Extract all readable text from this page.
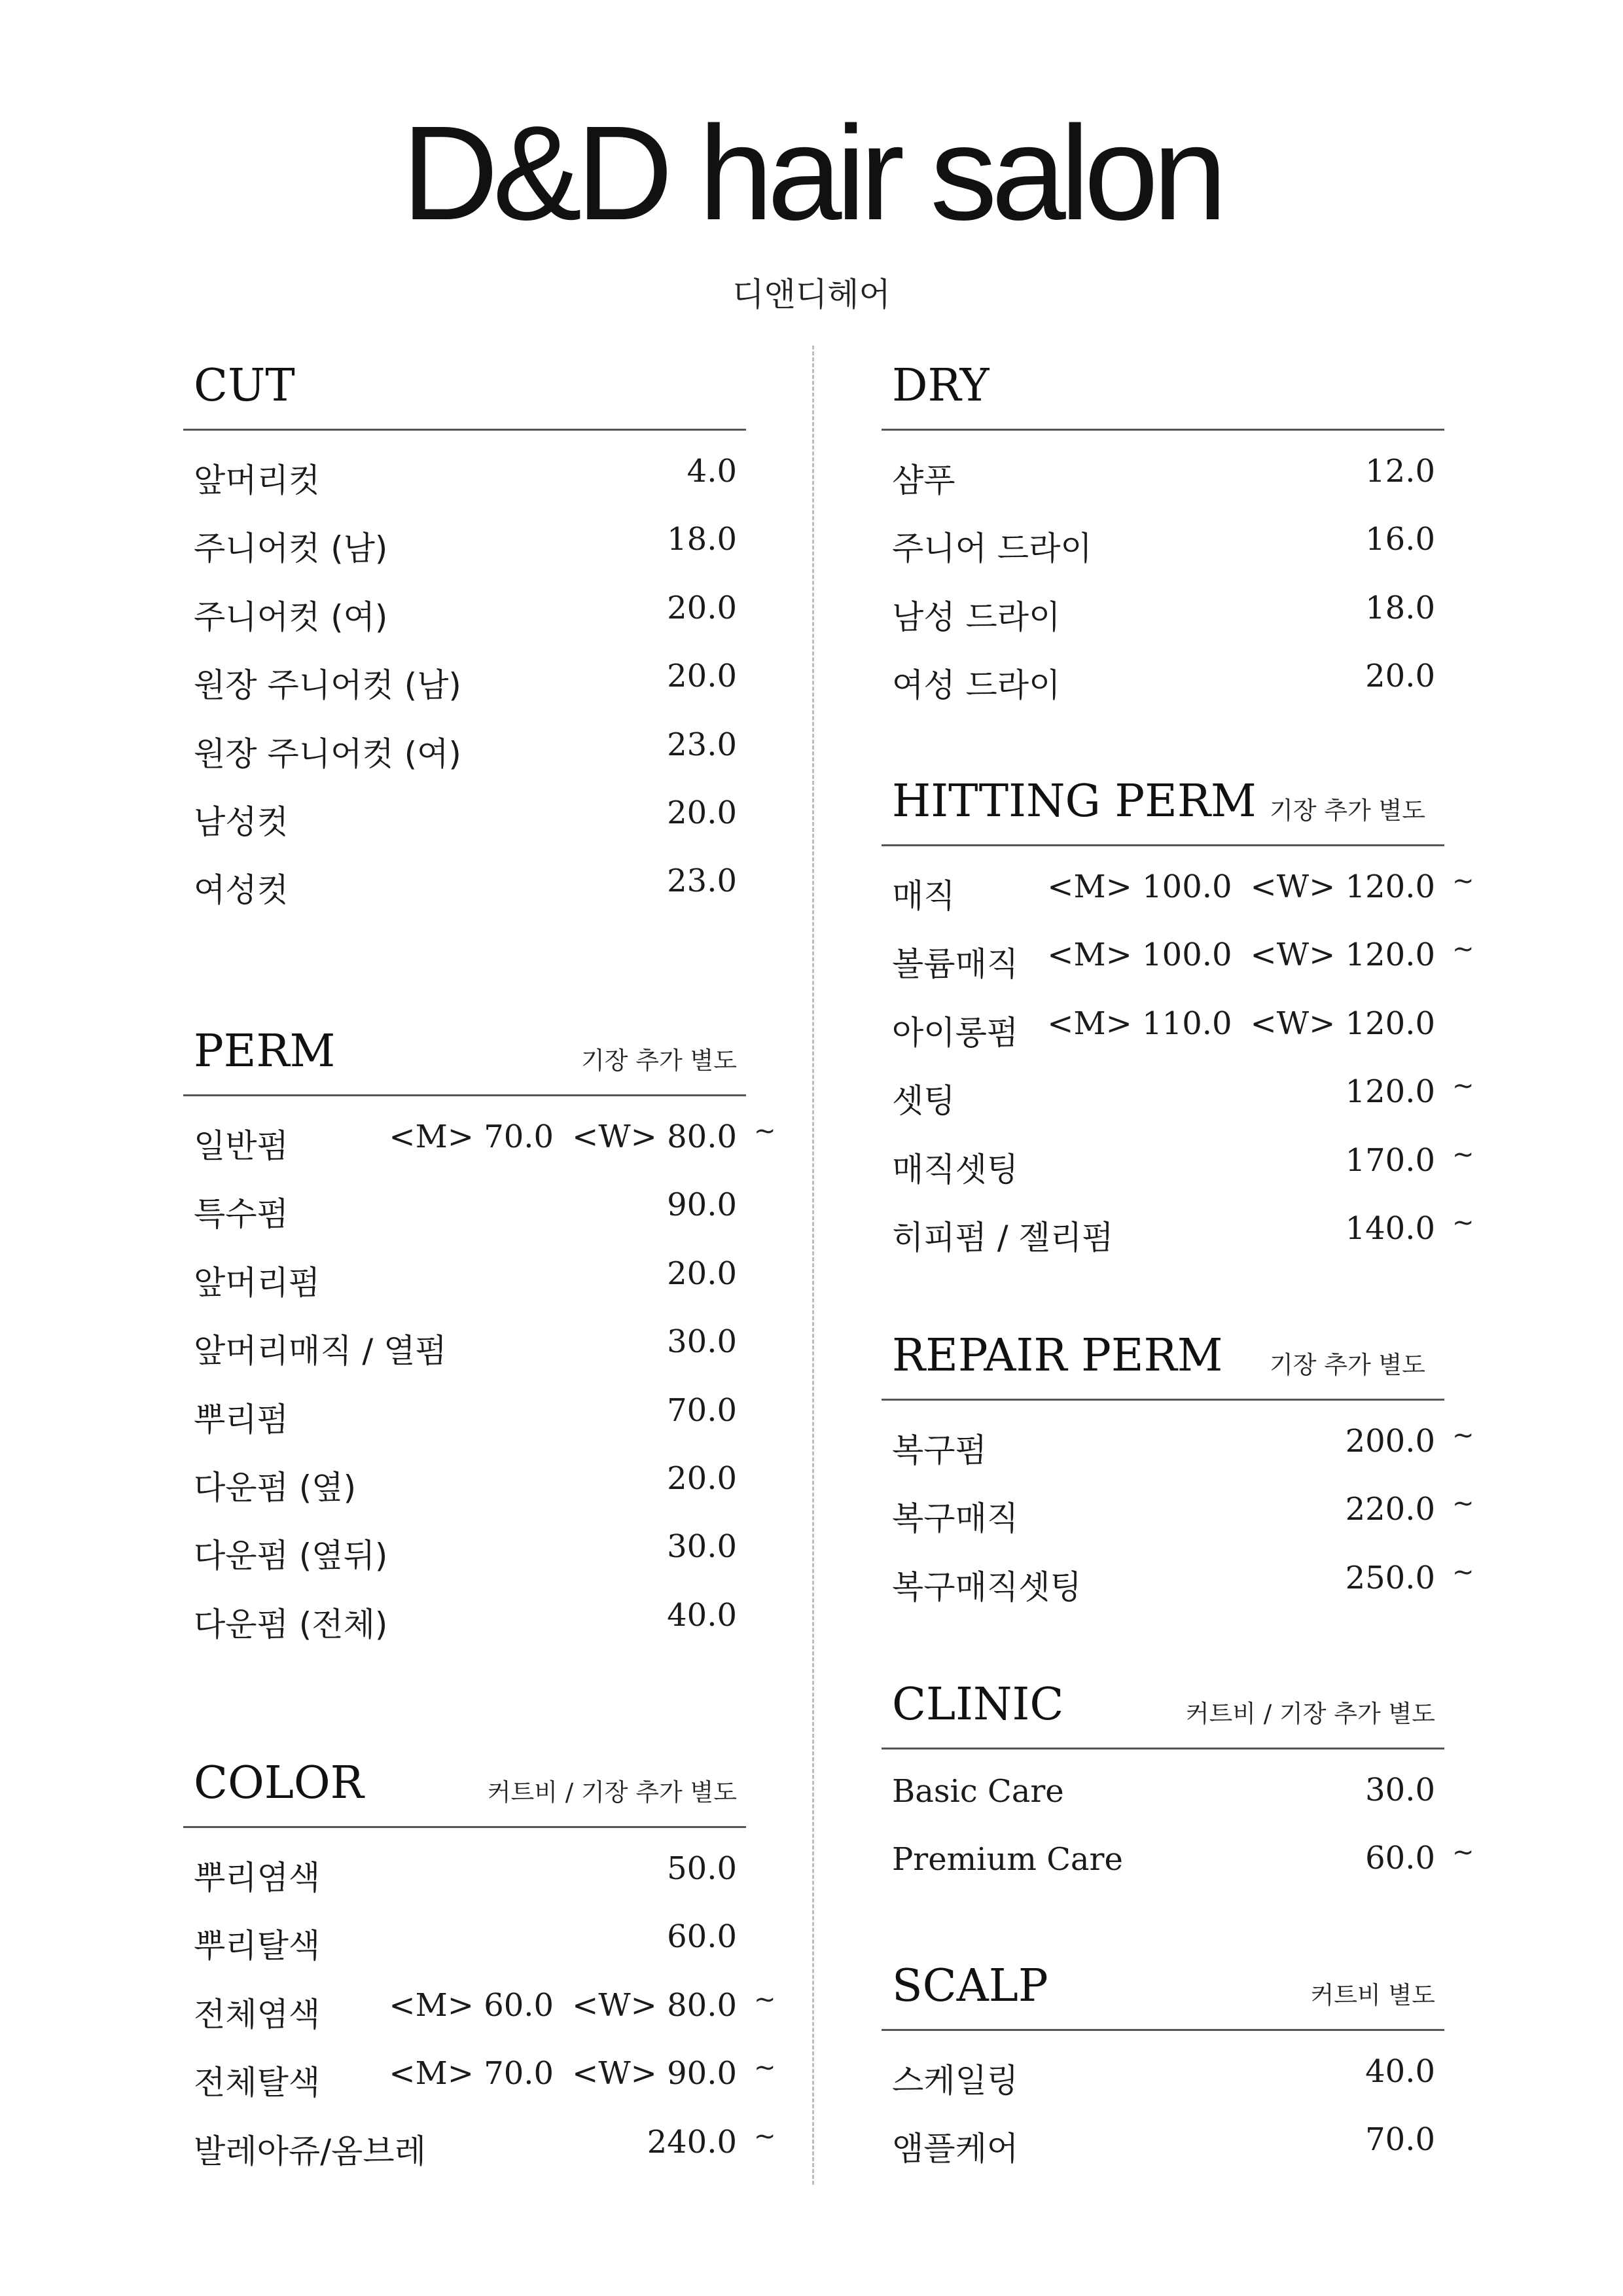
D&D hair salon
디앤디헤어
CUT
앞머리컷	4.0
주니어컷 (남)	18.0
주니어컷 (여)	20.0
원장 주니어컷 (남)	20.0
원장 주니어컷 (여)	23.0
남성컷	20.0
여성컷	23.0
PERM	기장 추가 별도
일반펌	<M> 70.0 <W> 80.0 ~
특수펌	90.0
앞머리펌	20.0
앞머리매직 / 열펌	30.0
뿌리펌	70.0
다운펌 (옆)	20.0
다운펌 (옆뒤)	30.0
다운펌 (전체)	40.0
COLOR	커트비 / 기장 추가 별도
뿌리염색	50.0
뿌리탈색	60.0
전체염색 <M> 60.0 <W> 80.0 ~
전체탈색 <M> 70.0 <W> 90.0 ~
발레아쥬/옴브레	240.0 ~
DRY
샴푸	12.0
주니어 드라이	16.0
남성 드라이	18.0
여성 드라이	20.0
HITTING PERM 기장 추가 별도
매직	<M> 100.0 <W> 120.0 ~
볼륨매직 <M> 100.0 <W> 120.0 ~
아이롱펌 <M> 110.0 <W> 120.0
셋팅	120.0 ~
매직셋팅	170.0 ~
히피펌 / 젤리펌	140.0 ~
REPAIR PERM 기장 추가 별도
복구펌	200.0 ~
복구매직	220.0 ~
복구매직셋팅	250.0 ~
CLINIC	커트비 / 기장 추가 별도
Basic Care	30.0
Premium Care	60.0 ~
SCALP	커트비 별도
스케일링	40.0
앰플케어	70.0
